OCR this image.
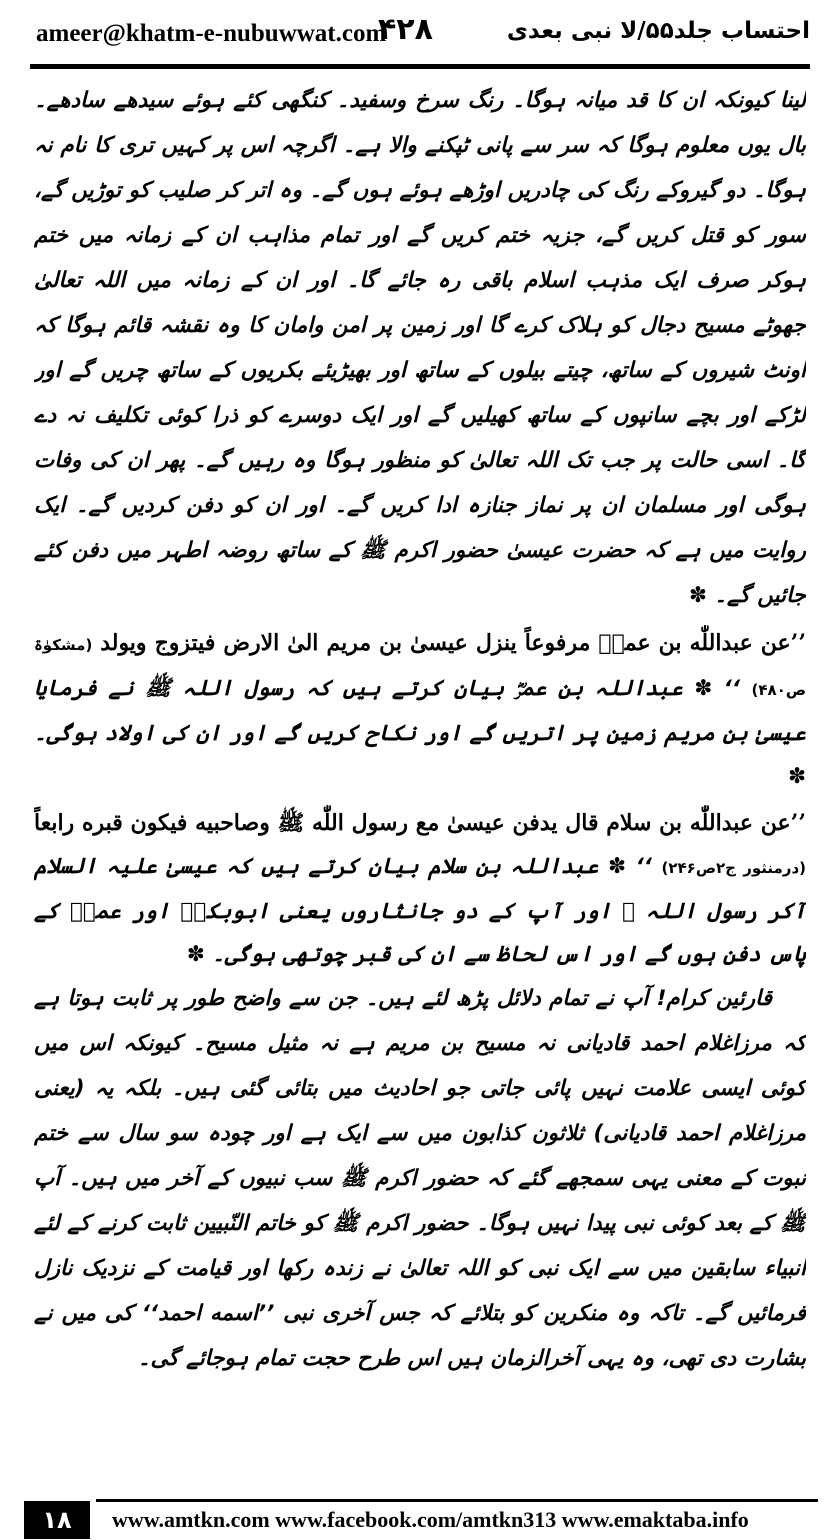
ameer@khatm-e-nubuwwat.com
۴۲۸	احتساب جلد۵۵/لا نبی بعدی

لینا کیونکہ ان کا قد میانہ ہوگا۔ رنگ سرخ وسفید۔ کنگھی کئے ہوئے سیدھے سادھے۔ بال یوں معلوم ہوگا کہ سر سے پانی ٹپکنے والا ہے۔ اگرچہ اس پر کہیں تری کا نام نہ ہوگا۔ دو گیروکے رنگ کی چادریں اوڑھے ہوئے ہوں گے۔ وہ اتر کر صلیب کو توڑیں گے، سور کو قتل کریں گے، جزیہ ختم کریں گے اور تمام مذاہب ان کے زمانہ میں ختم ہوکر صرف ایک مذہب اسلام باقی رہ جائے گا۔ اور ان کے زمانہ میں اللہ تعالیٰ جھوٹے مسیح دجال کو ہلاک کرے گا اور زمین پر امن وامان کا وہ نقشہ قائم ہوگا کہ اونٹ شیروں کے ساتھ، چیتے بیلوں کے ساتھ اور بھیڑیئے بکریوں کے ساتھ چریں گے اور لڑکے اور بچے سانپوں کے ساتھ کھیلیں گے اور ایک دوسرے کو ذرا کوئی تکلیف نہ دے گا۔ اسی حالت پر جب تک اللہ تعالیٰ کو منظور ہوگا وہ رہیں گے۔ پھر ان کی وفات ہوگی اور مسلمان ان پر نماز جنازہ ادا کریں گے۔ اور ان کو دفن کردیں گے۔ ایک روایت میں ہے کہ حضرت عیسیٰ حضور اکرم ﷺ کے ساتھ روضہ اطہر میں دفن کئے جائیں گے۔ ✽

’’عن عبداللّٰه بن عمرؓ مرفوعاً ینزل عیسیٰ بن مریم الیٰ الارض فیتزوج ویولد (مشکوٰۃ ص۴۸۰) ‘‘ ✽ عبداللہ بن عمرؓ بیان کرتے ہیں کہ رسول اللہ ﷺ نے فرمایا عیسیٰ بن مریم زمین پر اتریں گے اور نکاح کریں گے اور ان کی اولاد ہوگی۔ ✽
’’عن عبداللّٰه بن سلام قال یدفن عیسیٰ مع رسول اللّٰه ﷺ وصاحبیه فیکون قبره رابعاً (درمنثور ج۲ص۲۴۶) ‘‘ ✽ عبداللہ بن سلام بیان کرتے ہیں کہ عیسیٰ علیہ السلام آکر رسول اللہ ﷺ اور آپ کے دو جانثاروں یعنی ابوبکرؓ اور عمرؓ کے پاس دفن ہوں گے اور اس لحاظ سے ان کی قبر چوتھی ہوگی۔ ✽

قارئین کرام! آپ نے تمام دلائل پڑھ لئے ہیں۔ جن سے واضح طور پر ثابت ہوتا ہے کہ مرزاغلام احمد قادیانی نہ مسیح بن مریم ہے نہ مثیل مسیح۔ کیونکہ اس میں کوئی ایسی علامت نہیں پائی جاتی جو احادیث میں بتائی گئی ہیں۔ بلکہ یہ (یعنی مرزاغلام احمد قادیانی) ثلاثون کذابون میں سے ایک ہے اور چودہ سو سال سے ختم نبوت کے معنی یہی سمجھے گئے کہ حضور اکرم ﷺ سب نبیوں کے آخر میں ہیں۔ آپ ﷺ کے بعد کوئی نبی پیدا نہیں ہوگا۔ حضور اکرم ﷺ کو خاتم النّبیین ثابت کرنے کے لئے انبیاء سابقین میں سے ایک نبی کو اللہ تعالیٰ نے زندہ رکھا اور قیامت کے نزدیک نازل فرمائیں گے۔ تاکہ وہ منکرین کو بتلائے کہ جس آخری نبی ’’اسمه احمد‘‘ کی میں نے بشارت دی تھی، وہ یہی آخرالزمان ہیں اس طرح حجت تمام ہوجائے گی۔

۱۸ www.amtkn.com www.facebook.com/amtkn313 www.emaktaba.info
